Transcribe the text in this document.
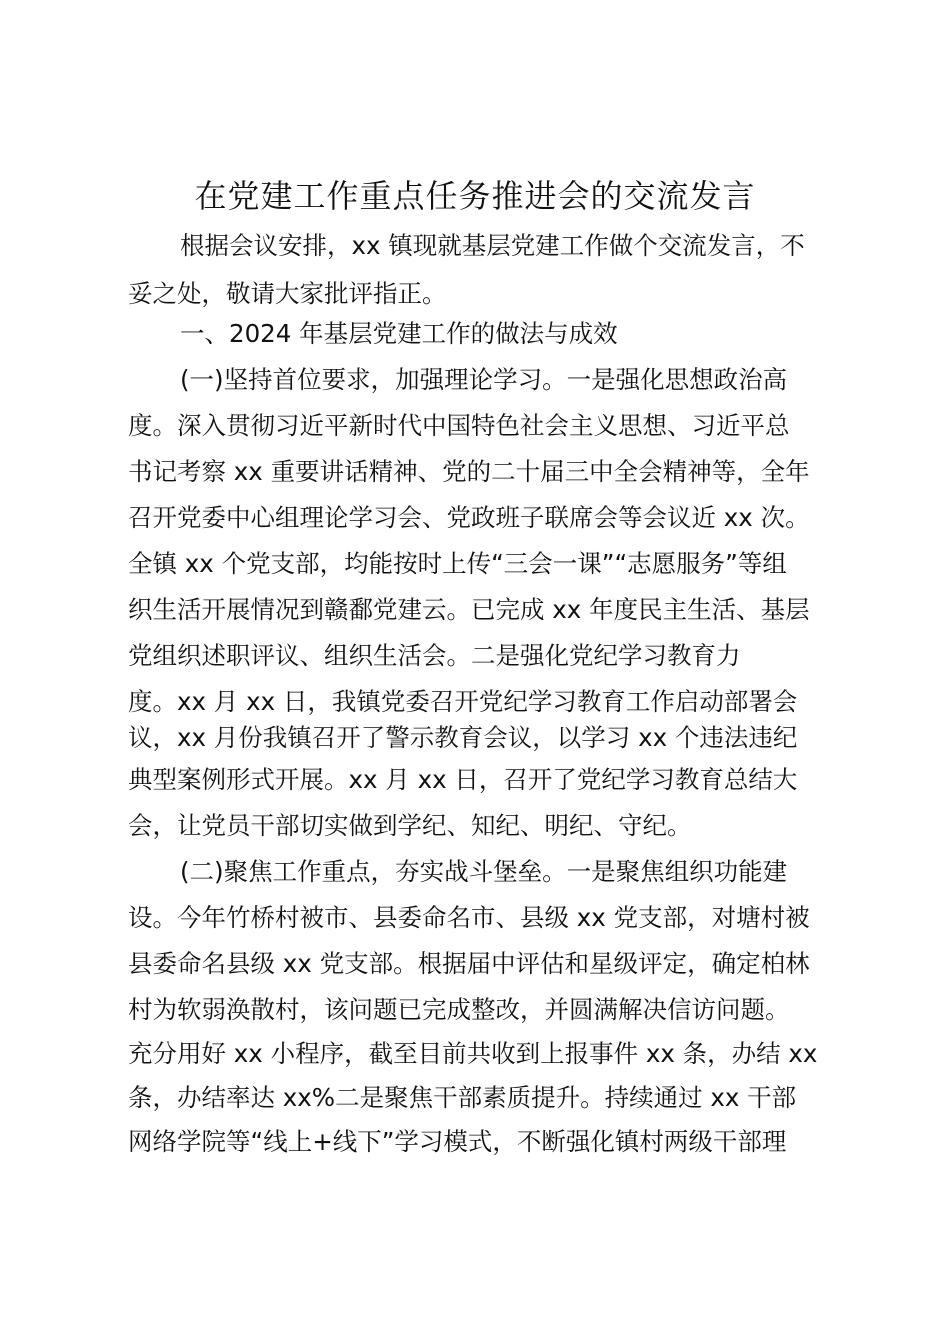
在党建工作重点任务推进会的交流发言
根据会议安排，xx 镇现就基层党建工作做个交流发言，不
妥之处，敬请大家批评指正。
一、2024 年基层党建工作的做法与成效
(一)坚持首位要求，加强理论学习。一是强化思想政治高
度。深入贯彻习近平新时代中国特色社会主义思想、习近平总
书记考察 xx 重要讲话精神、党的二十届三中全会精神等，全年
召开党委中心组理论学习会、党政班子联席会等会议近 xx 次。
全镇 xx 个党支部，均能按时上传“三会一课”“志愿服务”等组
织生活开展情况到赣鄱党建云。已完成 xx 年度民主生活、基层
党组织述职评议、组织生活会。二是强化党纪学习教育力
度。xx 月 xx 日，我镇党委召开党纪学习教育工作启动部署会
议，xx 月份我镇召开了警示教育会议，以学习 xx 个违法违纪
典型案例形式开展。xx 月 xx 日，召开了党纪学习教育总结大
会，让党员干部切实做到学纪、知纪、明纪、守纪。
(二)聚焦工作重点，夯实战斗堡垒。一是聚焦组织功能建
设。今年竹桥村被市、县委命名市、县级 xx 党支部，对塘村被
县委命名县级 xx 党支部。根据届中评估和星级评定，确定柏林
村为软弱涣散村，该问题已完成整改，并圆满解决信访问题。
充分用好 xx 小程序，截至目前共收到上报事件 xx 条，办结 xx
条，办结率达 xx%二是聚焦干部素质提升。持续通过 xx 干部
网络学院等“线上+线下”学习模式，不断强化镇村两级干部理
